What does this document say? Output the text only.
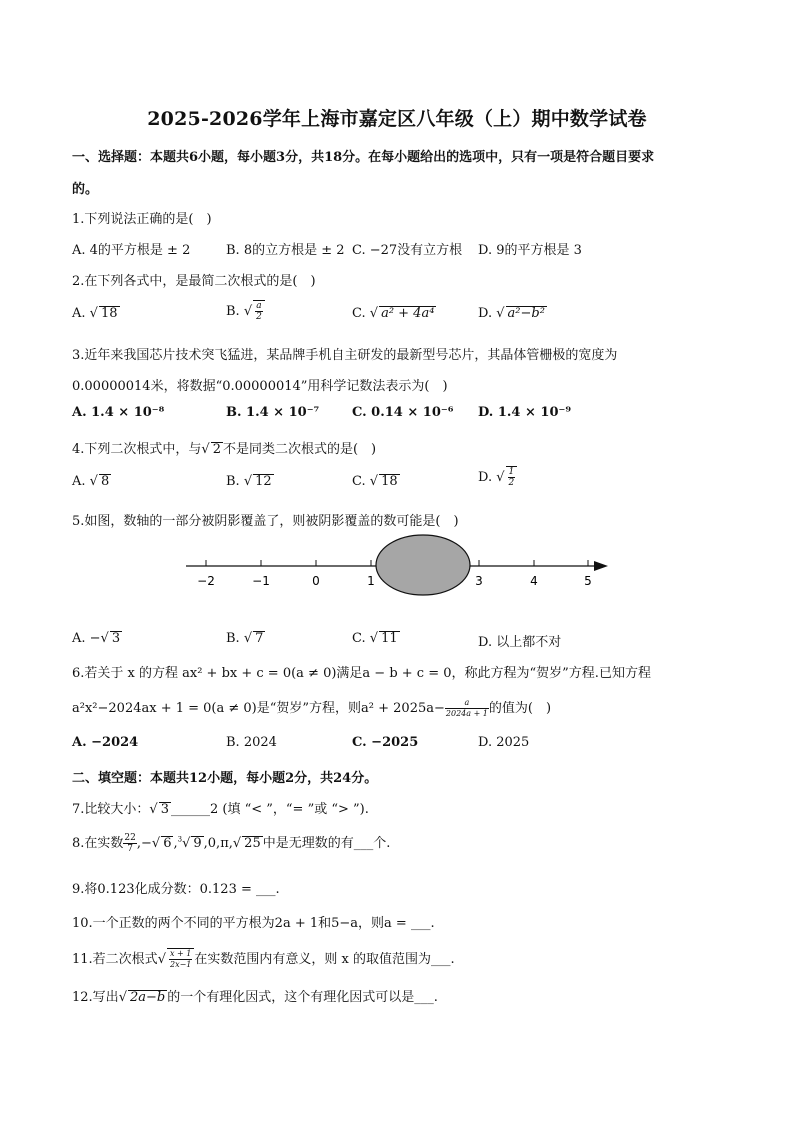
2025-2026学年上海市嘉定区八年级（上）期中数学试卷
一、选择题：本题共6小题，每小题3分，共18分。在每小题给出的选项中，只有一项是符合题目要求
的。
1.下列说法正确的是(　)
A. 4的平方根是 ± 2	B. 8的立方根是 ± 2 C. −27没有立方根 D. 9的平方根是 3
2.在下列各式中，是最简二次根式的是(　)
A. √ 18	B. √ $\frac{a}{2}$	C. √ a² + 4a⁴	D. √ a²−b²
3.近年来我国芯片技术突飞猛进，某品牌手机自主研发的最新型号芯片，其晶体管栅极的宽度为
0.00000014米，将数据“0.00000014”用科学记数法表示为(　)
A. 1.4 × 10⁻⁸	B. 1.4 × 10⁻⁷	C. 0.14 × 10⁻⁶ D. 1.4 × 10⁻⁹
4.下列二次根式中，与√ 2 不是同类二次根式的是(　)
A. √ 8	B. √ 12	C. √ 18	D. √ $\frac{1}{2}$
5.如图，数轴的一部分被阴影覆盖了，则被阴影覆盖的数可能是(　)
−2	−1	0	1	3	4	5
A. −√ 3	B. √ 7	C. √ 11	D. 以上都不对
6.若关于 x 的方程 ax² + bx + c = 0(a ≠ 0)满足a − b + c = 0，称此方程为“贺岁”方程.已知方程
a²x²−2024ax + 1 = 0(a ≠ 0)是“贺岁”方程，则$a^2 + 2025a- \frac{a}{2024a + 1}$ 的值为(　)
A. −2024	B. 2024	C. −2025	D. 2025
二、填空题：本题共12小题，每小题2分，共24分。
7.比较大小：√ 3 ______2 (填 “< ”，“= ”或 “> ”).
8.在实数 $\frac{22}{7}$ ,−√ 6 ,$^3$√ 9 ,0,π,√ 25 中是无理数的有___个.
9.将0.123化成分数：0.123 = ___.
10.一个正数的两个不同的平方根为2a + 1和5−a，则a = ___.
11.若二次根式√ $\frac{x + 1}{2x-1}$ 在实数范围内有意义，则 x 的取值范围为___.
12.写出√ 2a−b 的一个有理化因式，这个有理化因式可以是___.
